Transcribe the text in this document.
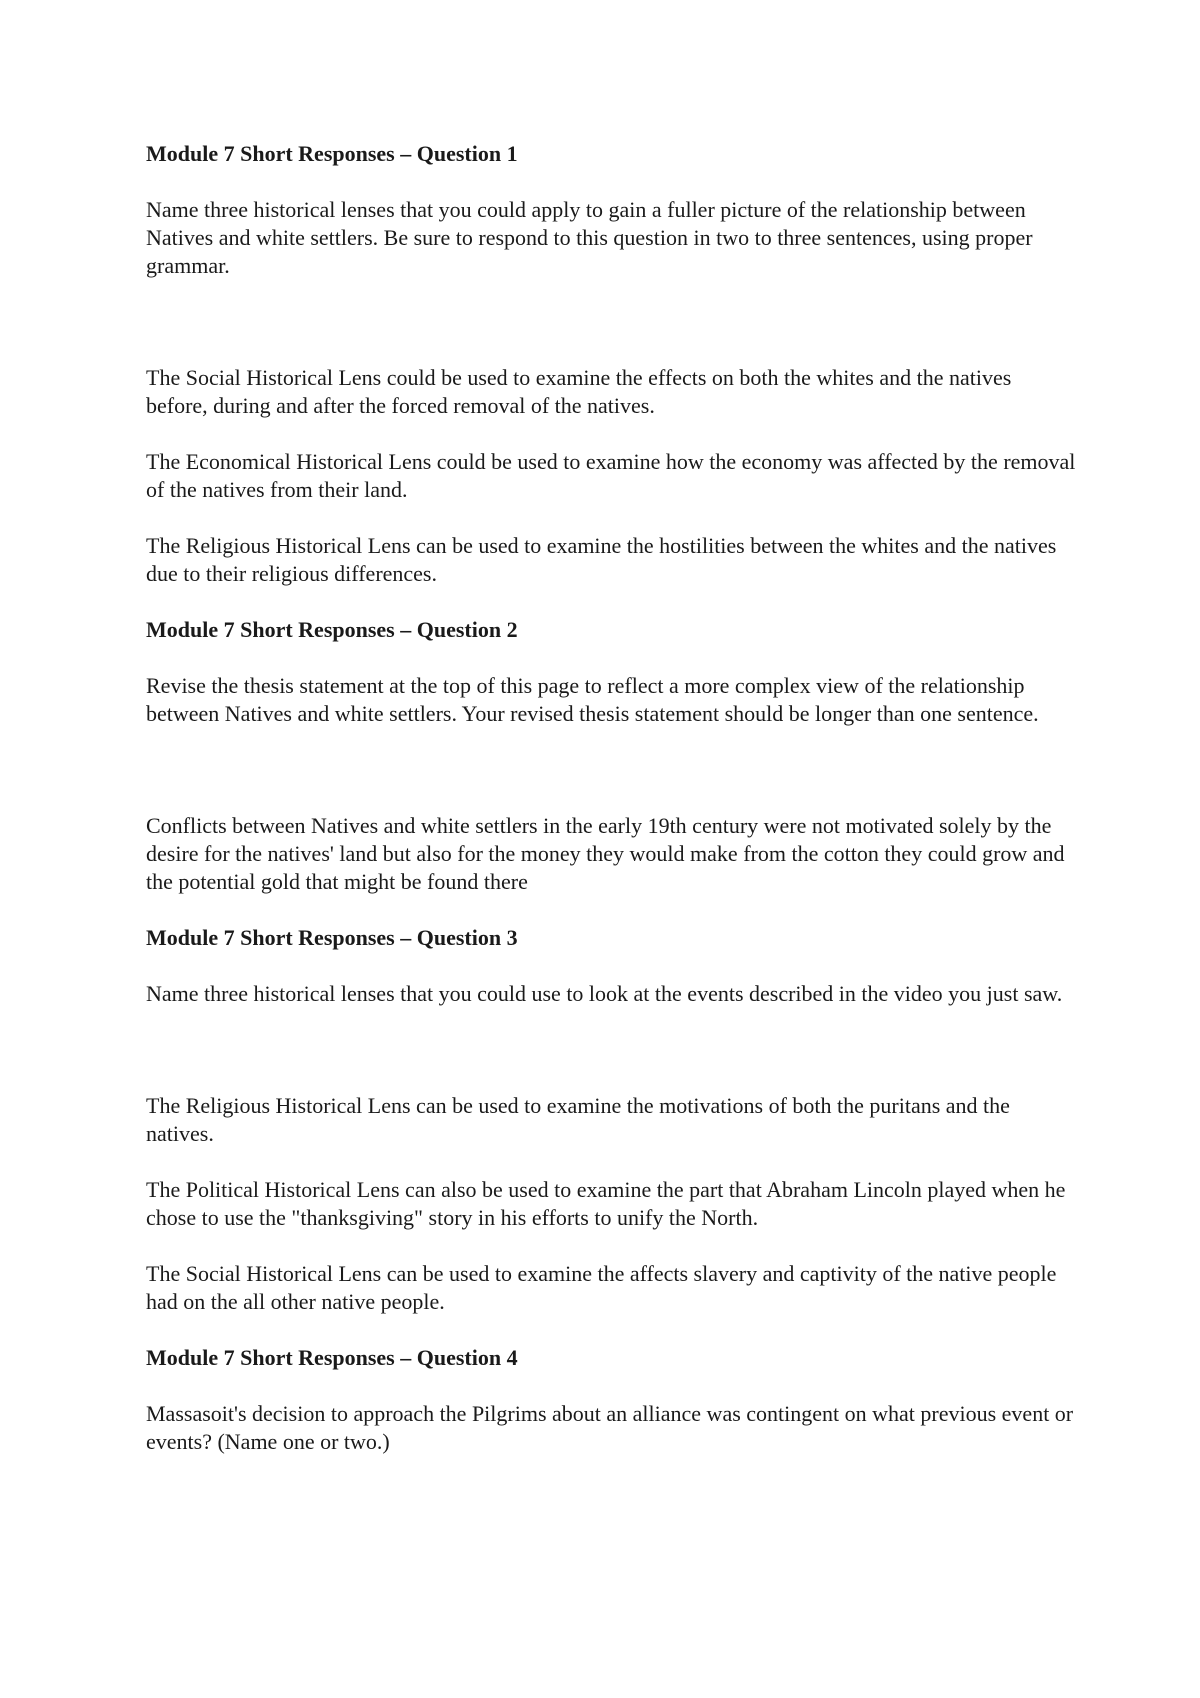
Module 7 Short Responses – Question 1
Name three historical lenses that you could apply to gain a fuller picture of the relationship between Natives and white settlers. Be sure to respond to this question in two to three sentences, using proper grammar.
The Social Historical Lens could be used to examine the effects on both the whites and the natives before, during and after the forced removal of the natives.
The Economical Historical Lens could be used to examine how the economy was affected by the removal of the natives from their land.
The Religious Historical Lens can be used to examine the hostilities between the whites and the natives due to their religious differences.
Module 7 Short Responses – Question 2
Revise the thesis statement at the top of this page to reflect a more complex view of the relationship between Natives and white settlers. Your revised thesis statement should be longer than one sentence.
Conflicts between Natives and white settlers in the early 19th century were not motivated solely by the desire for the natives' land but also for the money they would make from the cotton they could grow and the potential gold that might be found there
Module 7 Short Responses – Question 3
Name three historical lenses that you could use to look at the events described in the video you just saw.
The Religious Historical Lens can be used to examine the motivations of both the puritans and the natives.
The Political Historical Lens can also be used to examine the part that Abraham Lincoln played when he chose to use the "thanksgiving" story in his efforts to unify the North.
The Social Historical Lens can be used to examine the affects slavery and captivity of the native people had on the all other native people.
Module 7 Short Responses – Question 4
Massasoit's decision to approach the Pilgrims about an alliance was contingent on what previous event or events? (Name one or two.)
